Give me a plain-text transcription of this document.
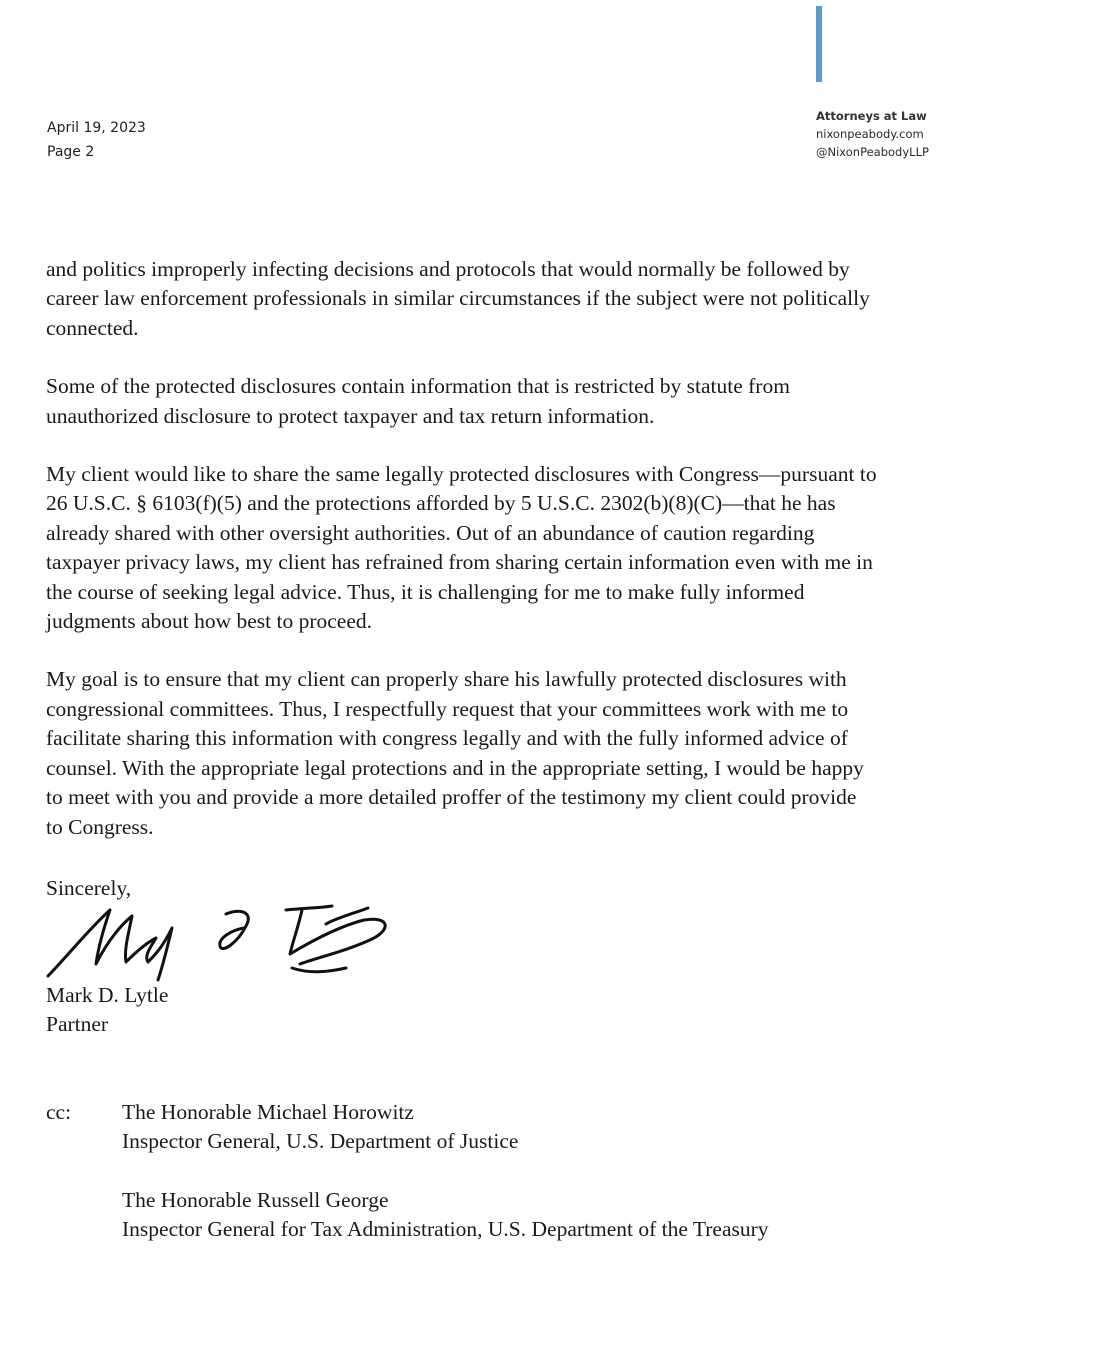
April 19, 2023
Page 2
Attorneys at Law
nixonpeabody.com
@NixonPeabodyLLP

and politics improperly infecting decisions and protocols that would normally be followed by
career law enforcement professionals in similar circumstances if the subject were not politically
connected.

Some of the protected disclosures contain information that is restricted by statute from
unauthorized disclosure to protect taxpayer and tax return information.

My client would like to share the same legally protected disclosures with Congress—pursuant to
26 U.S.C. § 6103(f)(5) and the protections afforded by 5 U.S.C. 2302(b)(8)(C)—that he has
already shared with other oversight authorities. Out of an abundance of caution regarding
taxpayer privacy laws, my client has refrained from sharing certain information even with me in
the course of seeking legal advice. Thus, it is challenging for me to make fully informed
judgments about how best to proceed.

My goal is to ensure that my client can properly share his lawfully protected disclosures with
congressional committees. Thus, I respectfully request that your committees work with me to
facilitate sharing this information with congress legally and with the fully informed advice of
counsel. With the appropriate legal protections and in the appropriate setting, I would be happy
to meet with you and provide a more detailed proffer of the testimony my client could provide
to Congress.

Sincerely,
Mark D. Lytle
Partner
cc: The Honorable Michael Horowitz
Inspector General, U.S. Department of Justice
The Honorable Russell George
Inspector General for Tax Administration, U.S. Department of the Treasury
